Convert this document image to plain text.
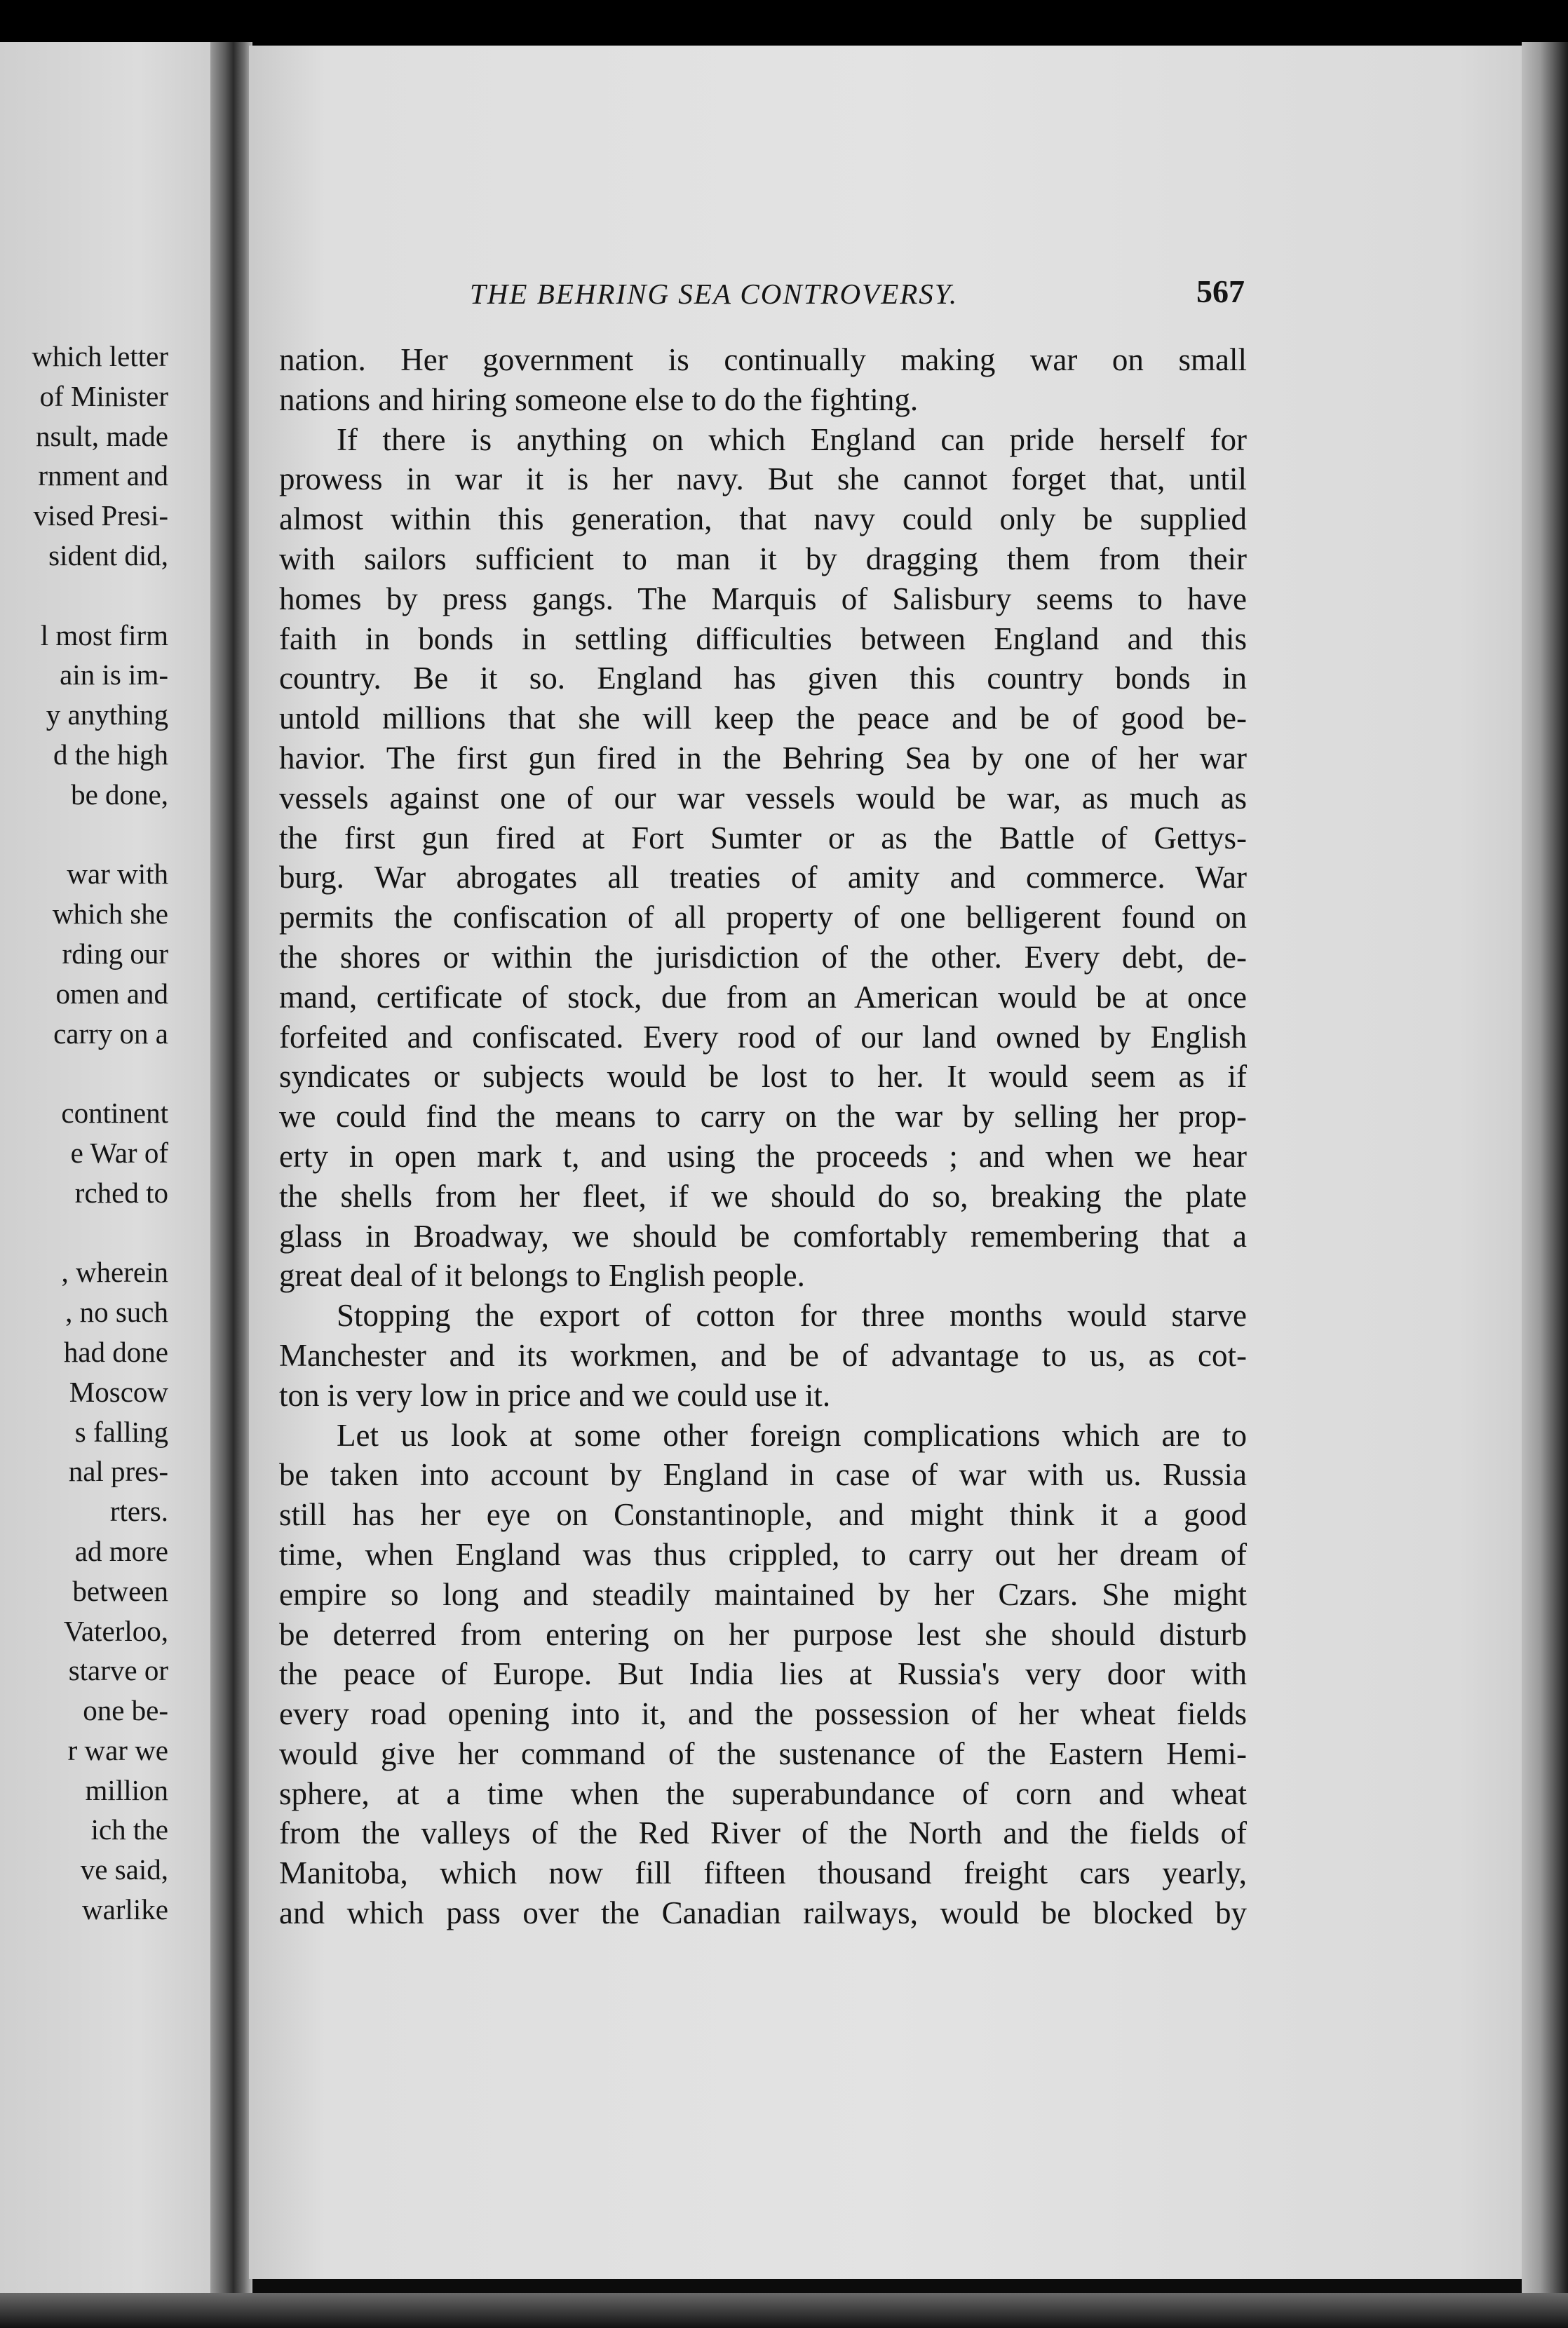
which letter
of Minister
nsult, made
rnment and
vised Presi-
sident did,
l most firm
ain is im-
y anything
d the high
be done,
war with
which she
rding our
omen and
carry on a
continent
e War of
rched to
, wherein
, no such
had done
Moscow
s falling
nal pres-
rters.
ad more
between
Vaterloo,
starve or
one be-
r war we
million
ich the
ve said,
warlike
THE BEHRING SEA CONTROVERSY.	567
nation. Her government is continually making war on small
nations and hiring someone else to do the fighting.
If there is anything on which England can pride herself for
prowess in war it is her navy. But she cannot forget that, until
almost within this generation, that navy could only be supplied
with sailors sufficient to man it by dragging them from their
homes by press gangs. The Marquis of Salisbury seems to have
faith in bonds in settling difficulties between England and this
country. Be it so. England has given this country bonds in
untold millions that she will keep the peace and be of good be-
havior. The first gun fired in the Behring Sea by one of her war
vessels against one of our war vessels would be war, as much as
the first gun fired at Fort Sumter or as the Battle of Gettys-
burg. War abrogates all treaties of amity and commerce. War
permits the confiscation of all property of one belligerent found on
the shores or within the jurisdiction of the other. Every debt, de-
mand, certificate of stock, due from an American would be at once
forfeited and confiscated. Every rood of our land owned by English
syndicates or subjects would be lost to her. It would seem as if
we could find the means to carry on the war by selling her prop-
erty in open mark t, and using the proceeds ; and when we hear
the shells from her fleet, if we should do so, breaking the plate
glass in Broadway, we should be comfortably remembering that a
great deal of it belongs to English people.
Stopping the export of cotton for three months would starve
Manchester and its workmen, and be of advantage to us, as cot-
ton is very low in price and we could use it.
Let us look at some other foreign complications which are to
be taken into account by England in case of war with us. Russia
still has her eye on Constantinople, and might think it a good
time, when England was thus crippled, to carry out her dream of
empire so long and steadily maintained by her Czars. She might
be deterred from entering on her purpose lest she should disturb
the peace of Europe. But India lies at Russia's very door with
every road opening into it, and the possession of her wheat fields
would give her command of the sustenance of the Eastern Hemi-
sphere, at a time when the superabundance of corn and wheat
from the valleys of the Red River of the North and the fields of
Manitoba, which now fill fifteen thousand freight cars yearly,
and which pass over the Canadian railways, would be blocked by
